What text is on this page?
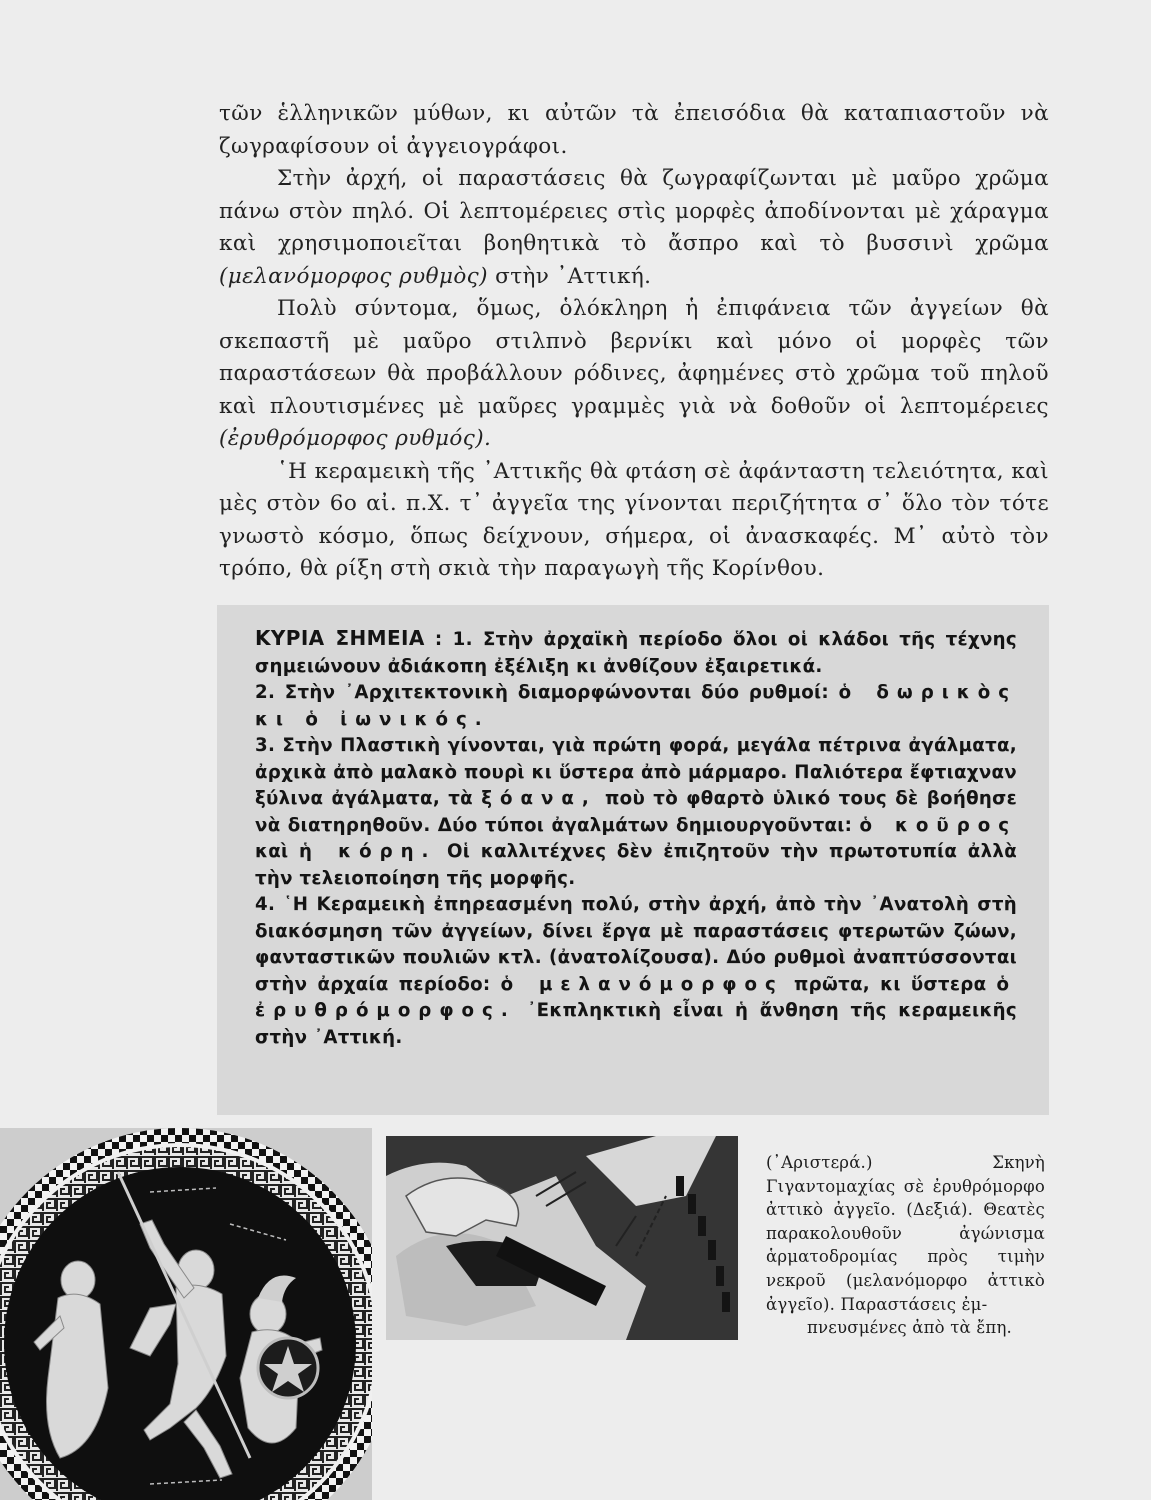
τῶν ἑλληνικῶν μύθων, κι αὐτῶν τὰ ἐπεισόδια θὰ καταπιαστοῦν νὰ ζωγραφίσουν οἱ ἀγγειογράφοι.

Στὴν ἀρχή, οἱ παραστάσεις θὰ ζωγραφίζωνται μὲ μαῦρο χρῶμα πάνω στὸν πηλό. Οἱ λεπτομέρειες στὶς μορφὲς ἀποδίνονται μὲ χάραγμα καὶ χρησιμοποιεῖται βοηθητικὰ τὸ ἄσπρο καὶ τὸ βυσσινὶ χρῶμα (μελανόμορφος ρυθμὸς) στὴν ᾿Αττική.

Πολὺ σύντομα, ὅμως, ὁλόκληρη ἡ ἐπιφάνεια τῶν ἀγγείων θὰ σκεπαστῆ μὲ μαῦρο στιλπνὸ βερνίκι καὶ μόνο οἱ μορφὲς τῶν παραστάσεων θὰ προβάλλουν ρόδινες, ἀφημένες στὸ χρῶμα τοῦ πηλοῦ καὶ πλουτισμένες μὲ μαῦρες γραμμὲς γιὰ νὰ δοθοῦν οἱ λεπτομέρειες (ἐρυθρόμορφος ρυθμός).

῾Η κεραμεικὴ τῆς ᾿Αττικῆς θὰ φτάση σὲ ἀφάνταστη τελειότητα, καὶ μὲς στὸν 6ο αἰ. π.Χ. τ᾿ ἀγγεῖα της γίνονται περιζήτητα σ᾿ ὅλο τὸν τότε γνωστὸ κόσμο, ὅπως δείχνουν, σήμερα, οἱ ἀνασκαφές. Μ᾿ αὐτὸ τὸν τρόπο, θὰ ρίξη στὴ σκιὰ τὴν παραγωγὴ τῆς Κορίνθου.

ΚΥΡΙΑ ΣΗΜΕΙΑ : 1. Στὴν ἀρχαϊκὴ περίοδο ὅλοι οἱ κλάδοι τῆς τέχνης σημειώνουν ἀδιάκοπη ἐξέλιξη κι ἀνθίζουν ἐξαιρετικά.

2. Στὴν ᾿Αρχιτεκτονικὴ διαμορφώνονται δύο ρυθμοί: ὁ δωρικὸς κι ὁ ἰωνικός.

3. Στὴν Πλαστικὴ γίνονται, γιὰ πρώτη φορά, μεγάλα πέτρινα ἀγάλματα, ἀρχικὰ ἀπὸ μαλακὸ πουρὶ κι ὕστερα ἀπὸ μάρμαρο. Παλιότερα ἔφτιαχναν ξύλινα ἀγάλματα, τὰ ξόανα, ποὺ τὸ φθαρτὸ ὑλικό τους δὲ βοήθησε νὰ διατηρηθοῦν. Δύο τύποι ἀγαλμάτων δημιουργοῦνται: ὁ κοῦρος καὶ ἡ κόρη. Οἱ καλλιτέχνες δὲν ἐπιζητοῦν τὴν πρωτοτυπία ἀλλὰ τὴν τελειοποίηση τῆς μορφῆς.

4. ῾Η Κεραμεικὴ ἐπηρεασμένη πολύ, στὴν ἀρχή, ἀπὸ τὴν ᾿Ανατολὴ στὴ διακόσμηση τῶν ἀγγείων, δίνει ἔργα μὲ παραστάσεις φτερωτῶν ζώων, φανταστικῶν πουλιῶν κτλ. (ἀνατολίζουσα). Δύο ρυθμοὶ ἀναπτύσσονται στὴν ἀρχαία περίοδο: ὁ μελανόμορφος πρῶτα, κι ὕστερα ὁ ἐρυθρόμορφος. ᾿Εκπληκτικὴ εἶναι ἡ ἄνθηση τῆς κεραμεικῆς στὴν ᾿Αττική.

(᾿Αριστερά.) Σκηνὴ Γιγαντομαχίας σὲ ἐρυθρόμορφο ἀττικὸ ἀγγεῖο. (Δεξιά). Θεατὲς παρακολουθοῦν ἀγώνισμα ἁρματοδρομίας πρὸς τιμὴν νεκροῦ (μελανόμορφο ἀττικὸ ἀγγεῖο). Παραστάσεις ἐμ-

πνευσμένες ἀπὸ τὰ ἔπη.
